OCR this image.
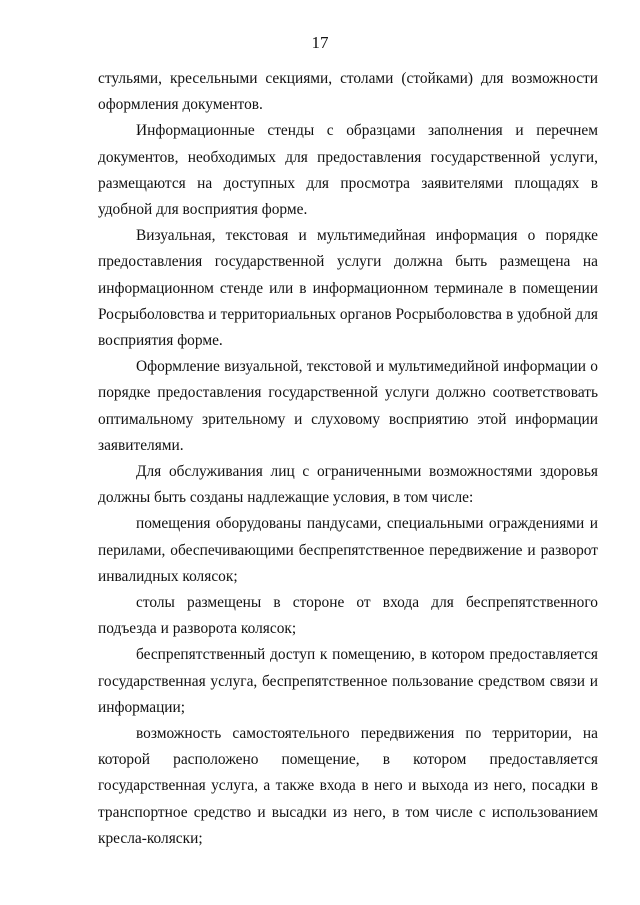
17

стульями, кресельными секциями, столами (стойками) для возможности оформления документов.

Информационные стенды с образцами заполнения и перечнем документов, необходимых для предоставления государственной услуги, размещаются на доступных для просмотра заявителями площадях в удобной для восприятия форме.

Визуальная, текстовая и мультимедийная информация о порядке предоставления государственной услуги должна быть размещена на информационном стенде или в информационном терминале в помещении Росрыболовства и территориальных органов Росрыболовства в удобной для восприятия форме.

Оформление визуальной, текстовой и мультимедийной информации о порядке предоставления государственной услуги должно соответствовать оптимальному зрительному и слуховому восприятию этой информации заявителями.

Для обслуживания лиц с ограниченными возможностями здоровья должны быть созданы надлежащие условия, в том числе:

помещения оборудованы пандусами, специальными ограждениями и перилами, обеспечивающими беспрепятственное передвижение и разворот инвалидных колясок;

столы размещены в стороне от входа для беспрепятственного подъезда и разворота колясок;

беспрепятственный доступ к помещению, в котором предоставляется государственная услуга, беспрепятственное пользование средством связи и информации;

возможность самостоятельного передвижения по территории, на которой расположено помещение, в котором предоставляется государственная услуга, а также входа в него и выхода из него, посадки в транспортное средство и высадки из него, в том числе с использованием кресла-коляски;
